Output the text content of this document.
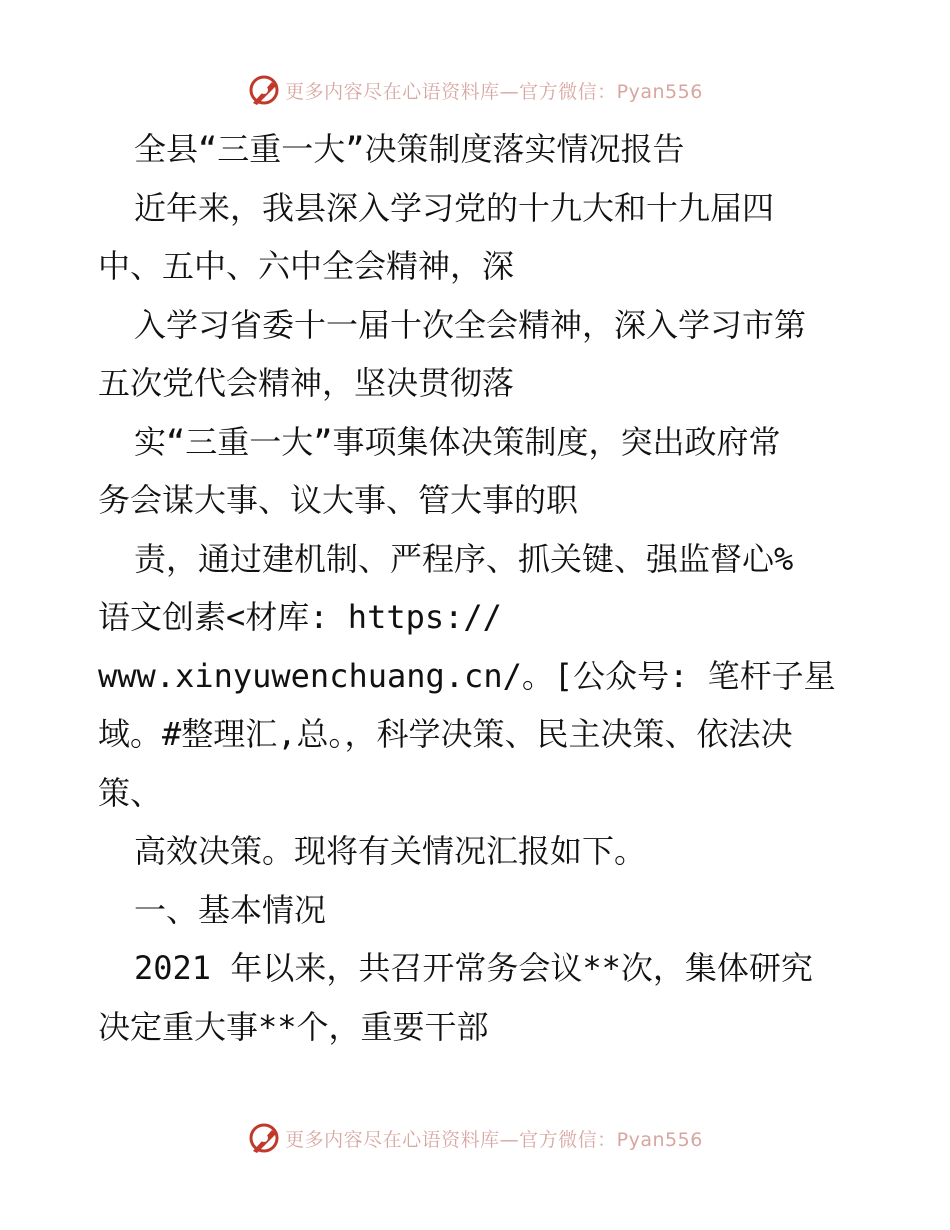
更多内容尽在心语资料库—官方微信：Pyan556
全县“三重一大”决策制度落实情况报告
近年来，我县深入学习党的十九大和十九届四
中、五中、六中全会精神，深
入学习省委十一届十次全会精神，深入学习市第
五次党代会精神，坚决贯彻落
实“三重一大”事项集体决策制度，突出政府常
务会谋大事、议大事、管大事的职
责，通过建机制、严程序、抓关键、强监督心%
语文创素<材库: https://
www.xinyuwenchuang.cn/。[公众号: 笔杆子星
域。#整理汇,总。，科学决策、民主决策、依法决
策、
高效决策。现将有关情况汇报如下。
一、基本情况
2021 年以来，共召开常务会议**次，集体研究
决定重大事**个，重要干部
更多内容尽在心语资料库—官方微信：Pyan556
